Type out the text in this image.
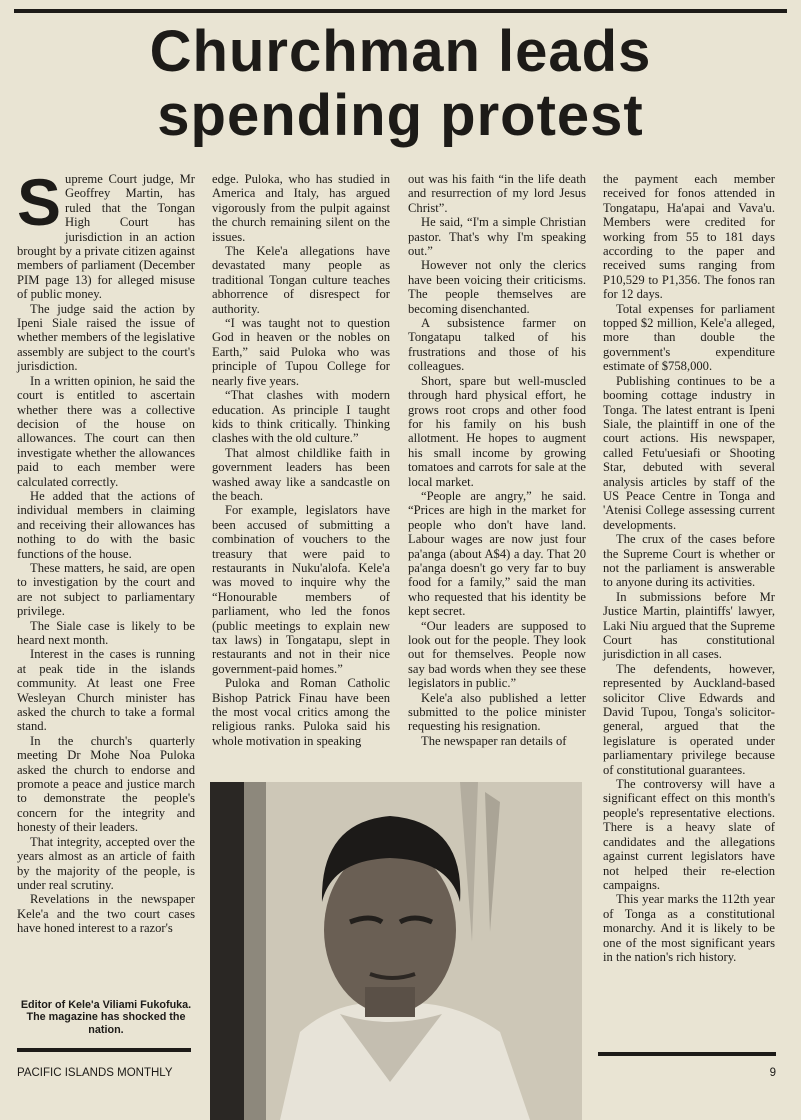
Churchman leads
spending protest

Supreme Court judge, Mr Geoffrey Martin, has ruled that the Tongan High Court has jurisdiction in an action brought by a private citizen against members of parliament (December PIM page 13) for alleged misuse of public money.

The judge said the action by Ipeni Siale raised the issue of whether members of the legislative assembly are subject to the court's jurisdiction.

In a written opinion, he said the court is entitled to ascertain whether there was a collective decision of the house on allowances. The court can then investigate whether the allowances paid to each member were calculated correctly.

He added that the actions of individual members in claiming and receiving their allowances has nothing to do with the basic functions of the house.

These matters, he said, are open to investigation by the court and are not subject to parliamentary privilege.

The Siale case is likely to be heard next month.

Interest in the cases is running at peak tide in the islands community. At least one Free Wesleyan Church minister has asked the church to take a formal stand.

In the church's quarterly meeting Dr Mohe Noa Puloka asked the church to endorse and promote a peace and justice march to demonstrate the people's concern for the integrity and honesty of their leaders.

That integrity, accepted over the years almost as an article of faith by the majority of the people, is under real scrutiny.

Revelations in the newspaper Kele'a and the two court cases have honed interest to a razor's

edge. Puloka, who has studied in America and Italy, has argued vigorously from the pulpit against the church remaining silent on the issues.

The Kele'a allegations have devastated many people as traditional Tongan culture teaches abhorrence of disrespect for authority.

“I was taught not to question God in heaven or the nobles on Earth,” said Puloka who was principle of Tupou College for nearly five years.

“That clashes with modern education. As principle I taught kids to think critically. Thinking clashes with the old culture.”

That almost childlike faith in government leaders has been washed away like a sandcastle on the beach.

For example, legislators have been accused of submitting a combination of vouchers to the treasury that were paid to restaurants in Nuku'alofa. Kele'a was moved to inquire why the “Honourable members of parliament, who led the fonos (public meetings to explain new tax laws) in Tongatapu, slept in restaurants and not in their nice government-paid homes.”

Puloka and Roman Catholic Bishop Patrick Finau have been the most vocal critics among the religious ranks. Puloka said his whole motivation in speaking

out was his faith “in the life death and resurrection of my lord Jesus Christ”.

He said, “I'm a simple Christian pastor. That's why I'm speaking out.”

However not only the clerics have been voicing their criticisms. The people themselves are becoming disenchanted.

A subsistence farmer on Tongatapu talked of his frustrations and those of his colleagues.

Short, spare but well-muscled through hard physical effort, he grows root crops and other food for his family on his bush allotment. He hopes to augment his small income by growing tomatoes and carrots for sale at the local market.

“People are angry,” he said. “Prices are high in the market for people who don't have land. Labour wages are now just four pa'anga (about A$4) a day. That 20 pa'anga doesn't go very far to buy food for a family,” said the man who requested that his identity be kept secret.

“Our leaders are supposed to look out for the people. They look out for themselves. People now say bad words when they see these legislators in public.”

Kele'a also published a letter submitted to the police minister requesting his resignation.

The newspaper ran details of

the payment each member received for fonos attended in Tongatapu, Ha'apai and Vava'u. Members were credited for working from 55 to 181 days according to the paper and received sums ranging from P10,529 to P1,356. The fonos ran for 12 days.

Total expenses for parliament topped $2 million, Kele'a alleged, more than double the government's expenditure estimate of $758,000.

Publishing continues to be a booming cottage industry in Tonga. The latest entrant is Ipeni Siale, the plaintiff in one of the court actions. His newspaper, called Fetu'uesiafi or Shooting Star, debuted with several analysis articles by staff of the US Peace Centre in Tonga and 'Atenisi College assessing current developments.

The crux of the cases before the Supreme Court is whether or not the parliament is answerable to anyone during its activities.

In submissions before Mr Justice Martin, plaintiffs' lawyer, Laki Niu argued that the Supreme Court has constitutional jurisdiction in all cases.

The defendents, however, represented by Auckland-based solicitor Clive Edwards and David Tupou, Tonga's solicitor-general, argued that the legislature is operated under parliamentary privilege because of constitutional guarantees.

The controversy will have a significant effect on this month's people's representative elections. There is a heavy slate of candidates and the allegations against current legislators have not helped their re-election campaigns.

This year marks the 112th year of Tonga as a constitutional monarchy. And it is likely to be one of the most significant years in the nation's rich history.

Editor of Kele'a Viliami Fukofuka. The magazine has shocked the nation.
PACIFIC ISLANDS MONTHLY	9
